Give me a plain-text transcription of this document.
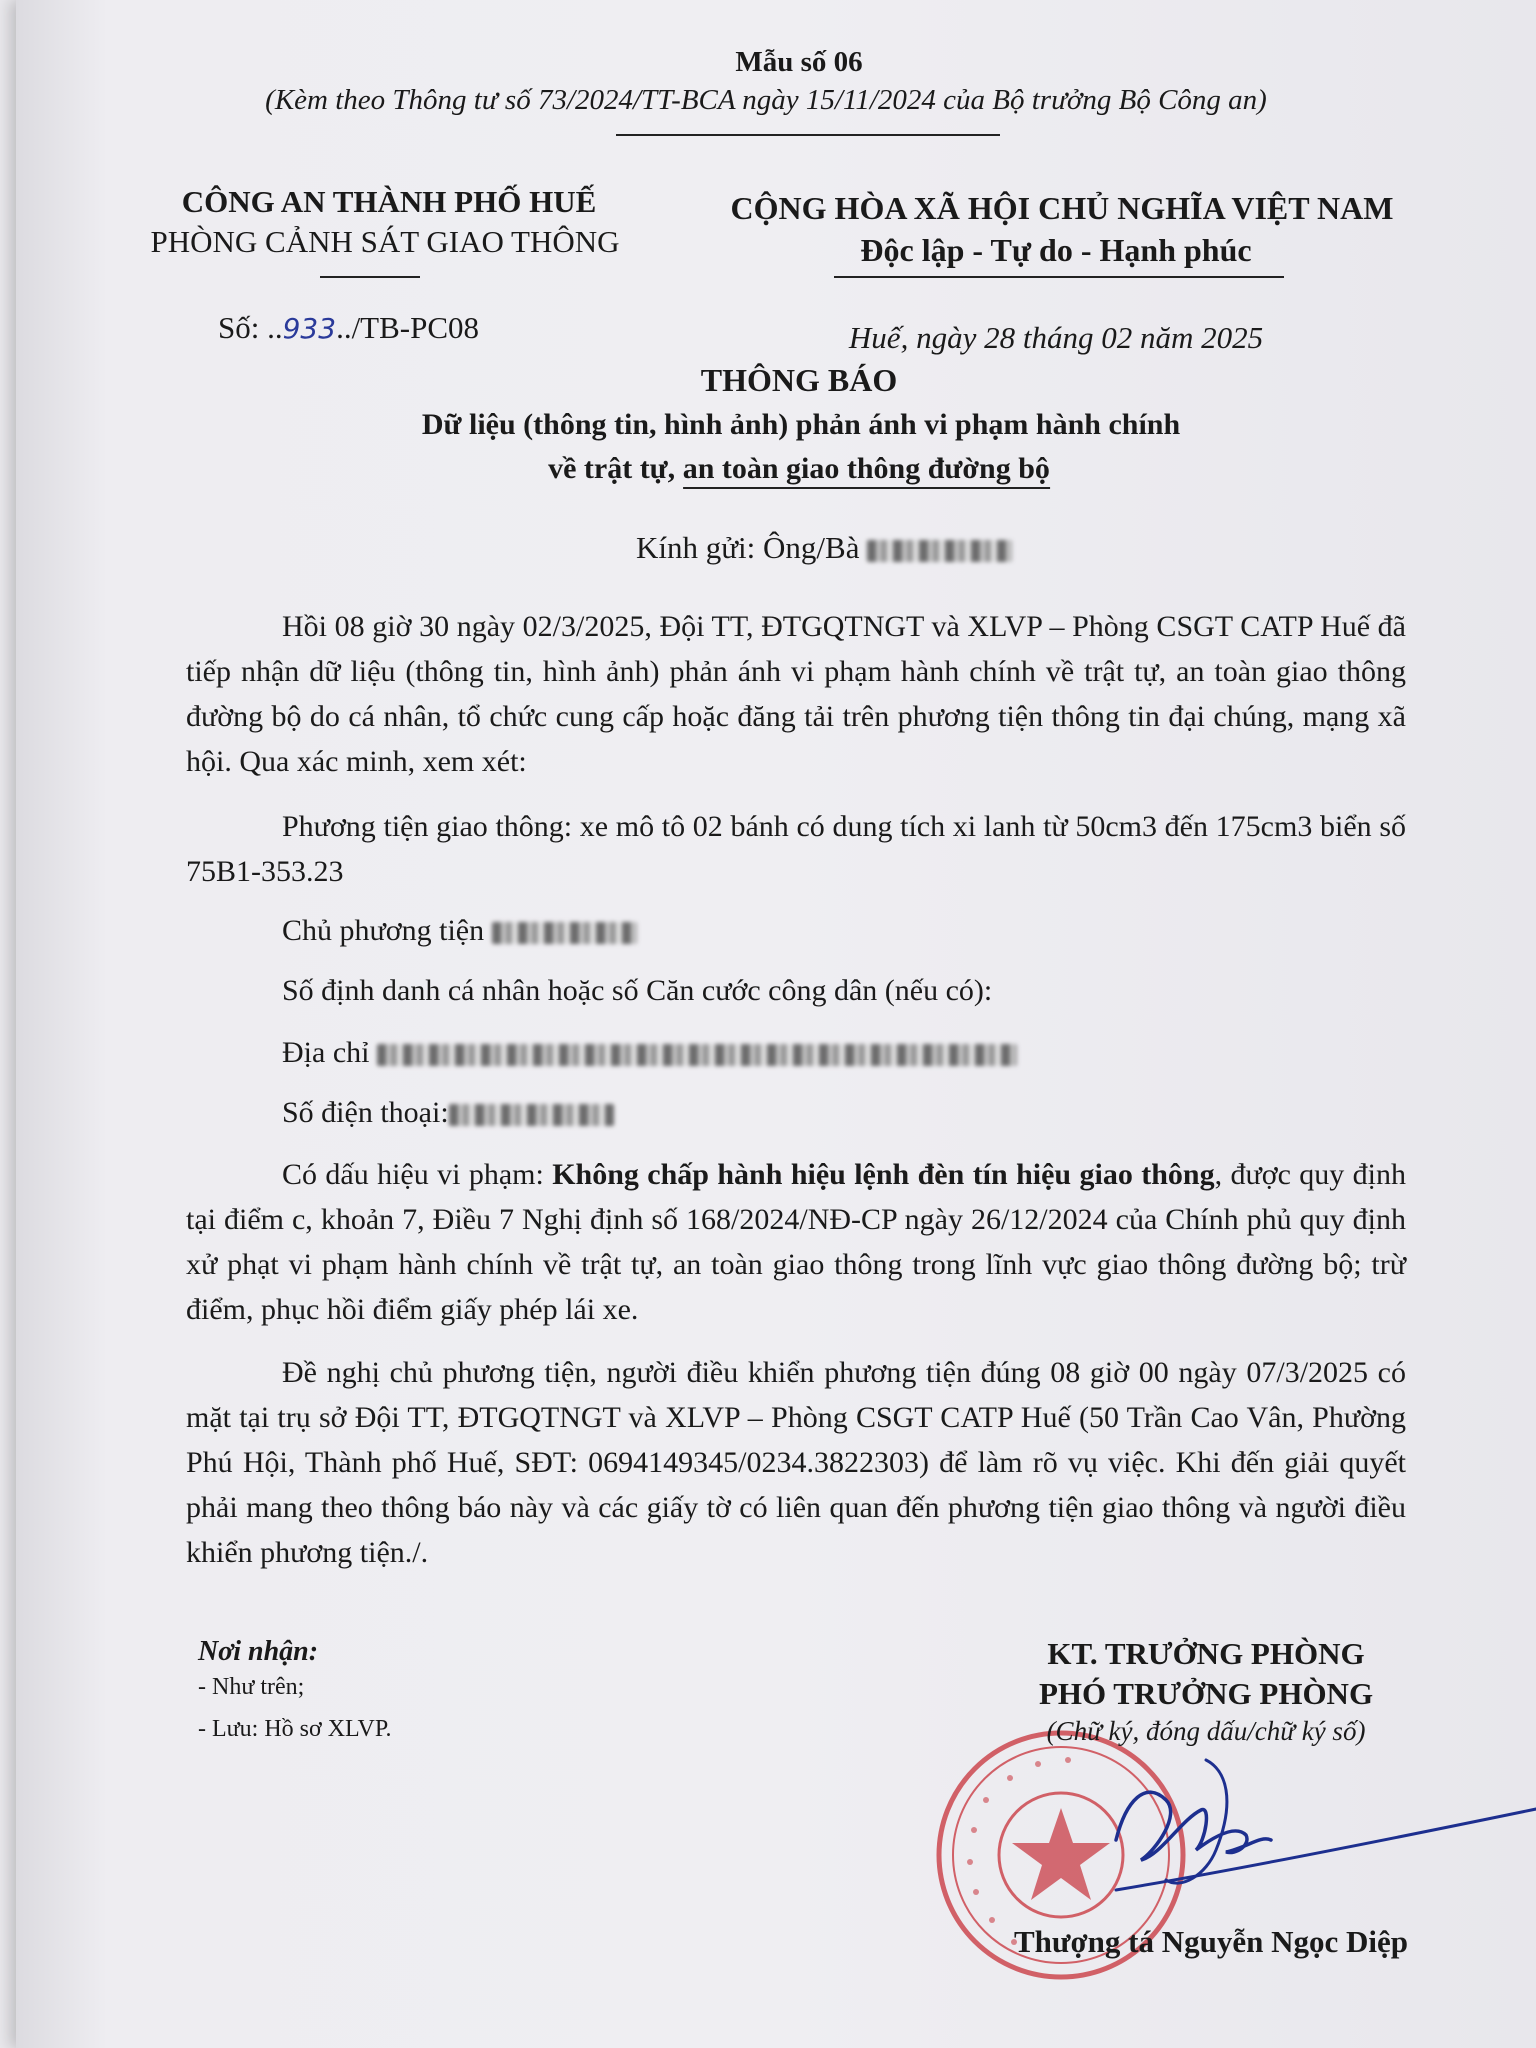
Mẫu số 06
(Kèm theo Thông tư số 73/2024/TT-BCA ngày 15/11/2024 của Bộ trưởng Bộ Công an)
CÔNG AN THÀNH PHỐ HUẾ
PHÒNG CẢNH SÁT GIAO THÔNG
Số: ..933../TB-PC08
CỘNG HÒA XÃ HỘI CHỦ NGHĨA VIỆT NAM
Độc lập - Tự do - Hạnh phúc
Huế, ngày 28 tháng 02 năm 2025
THÔNG BÁO
Dữ liệu (thông tin, hình ảnh) phản ánh vi phạm hành chính
về trật tự, an toàn giao thông đường bộ
Kính gửi: Ông/Bà

Hồi 08 giờ 30 ngày 02/3/2025, Đội TT, ĐTGQTNGT và XLVP – Phòng CSGT CATP Huế đã tiếp nhận dữ liệu (thông tin, hình ảnh) phản ánh vi phạm hành chính về trật tự, an toàn giao thông đường bộ do cá nhân, tổ chức cung cấp hoặc đăng tải trên phương tiện thông tin đại chúng, mạng xã hội. Qua xác minh, xem xét:

Phương tiện giao thông: xe mô tô 02 bánh có dung tích xi lanh từ 50cm3 đến 175cm3 biển số 75B1-353.23

Chủ phương tiện
Số định danh cá nhân hoặc số Căn cước công dân (nếu có):
Địa chỉ
Số điện thoại:

Có dấu hiệu vi phạm: Không chấp hành hiệu lệnh đèn tín hiệu giao thông, được quy định tại điểm c, khoản 7, Điều 7 Nghị định số 168/2024/NĐ-CP ngày 26/12/2024 của Chính phủ quy định xử phạt vi phạm hành chính về trật tự, an toàn giao thông trong lĩnh vực giao thông đường bộ; trừ điểm, phục hồi điểm giấy phép lái xe.

Đề nghị chủ phương tiện, người điều khiển phương tiện đúng 08 giờ 00 ngày 07/3/2025 có mặt tại trụ sở Đội TT, ĐTGQTNGT và XLVP – Phòng CSGT CATP Huế (50 Trần Cao Vân, Phường Phú Hội, Thành phố Huế, SĐT: 0694149345/0234.3822303) để làm rõ vụ việc. Khi đến giải quyết phải mang theo thông báo này và các giấy tờ có liên quan đến phương tiện giao thông và người điều khiển phương tiện./.

Nơi nhận:
- Như trên;
- Lưu: Hồ sơ XLVP.
KT. TRƯỞNG PHÒNG
PHÓ TRƯỞNG PHÒNG
(Chữ ký, đóng dấu/chữ ký số)
Thượng tá Nguyễn Ngọc Diệp
